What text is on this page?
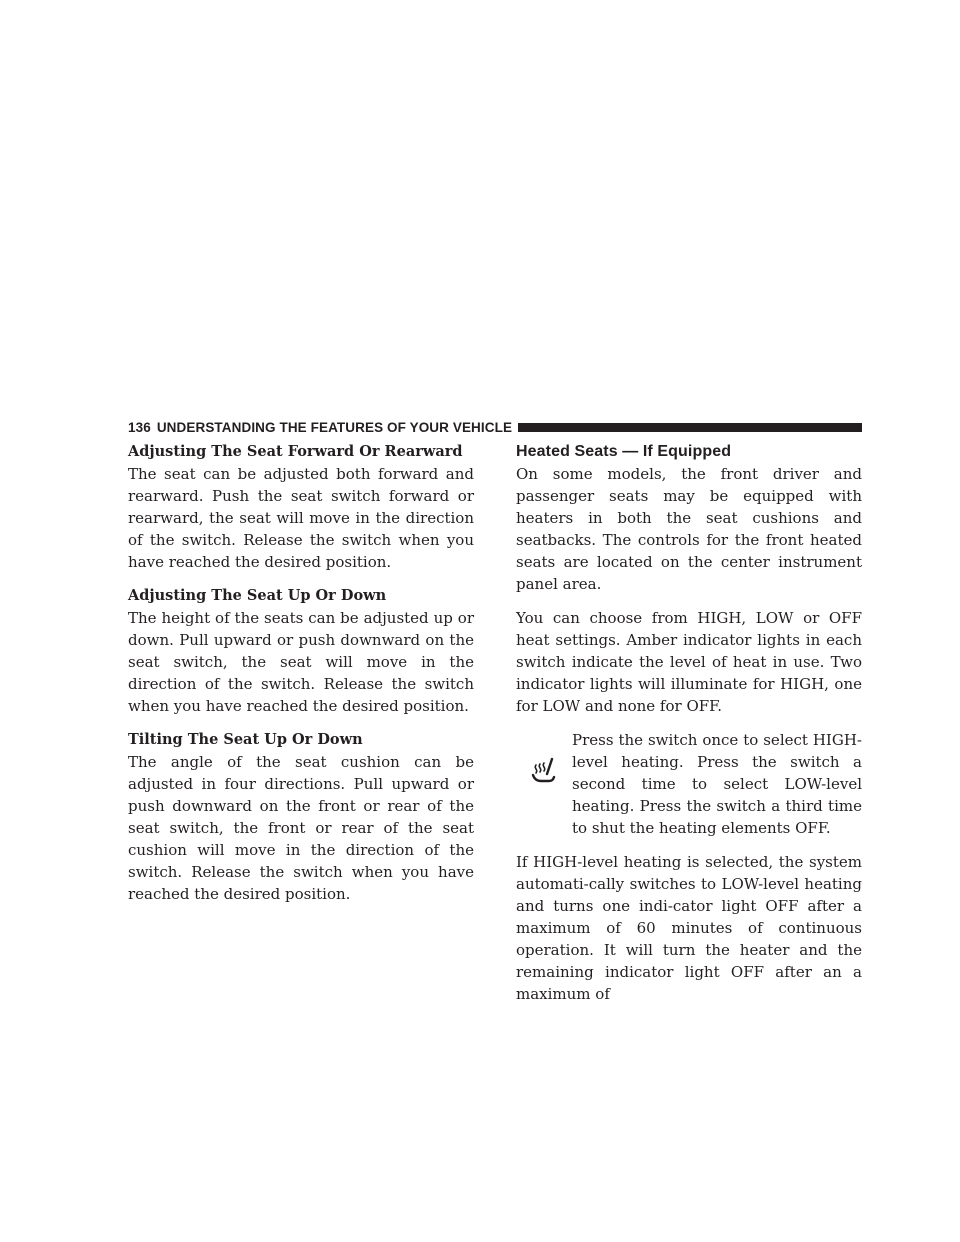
136 UNDERSTANDING THE FEATURES OF YOUR VEHICLE
Adjusting The Seat Forward Or Rearward

The seat can be adjusted both forward and rearward. Push the seat switch forward or rearward, the seat will move in the direction of the switch. Release the switch when you have reached the desired position.

Adjusting The Seat Up Or Down

The height of the seats can be adjusted up or down. Pull upward or push downward on the seat switch, the seat will move in the direction of the switch. Release the switch when you have reached the desired position.

Tilting The Seat Up Or Down

The angle of the seat cushion can be adjusted in four directions. Pull upward or push downward on the front or rear of the seat switch, the front or rear of the seat cushion will move in the direction of the switch. Release the switch when you have reached the desired position.

Heated Seats — If Equipped

On some models, the front driver and passenger seats may be equipped with heaters in both the seat cushions and seatbacks. The controls for the front heated seats are located on the center instrument panel area.

You can choose from HIGH, LOW or OFF heat settings. Amber indicator lights in each switch indicate the level of heat in use. Two indicator lights will illuminate for HIGH, one for LOW and none for OFF.

Press the switch once to select HIGH-level heating. Press the switch a second time to select LOW-level heating. Press the switch a third time to shut the heating elements OFF.

If HIGH-level heating is selected, the system automati-cally switches to LOW-level heating and turns one indi-cator light OFF after a maximum of 60 minutes of continuous operation. It will turn the heater and the remaining indicator light OFF after an a maximum of
